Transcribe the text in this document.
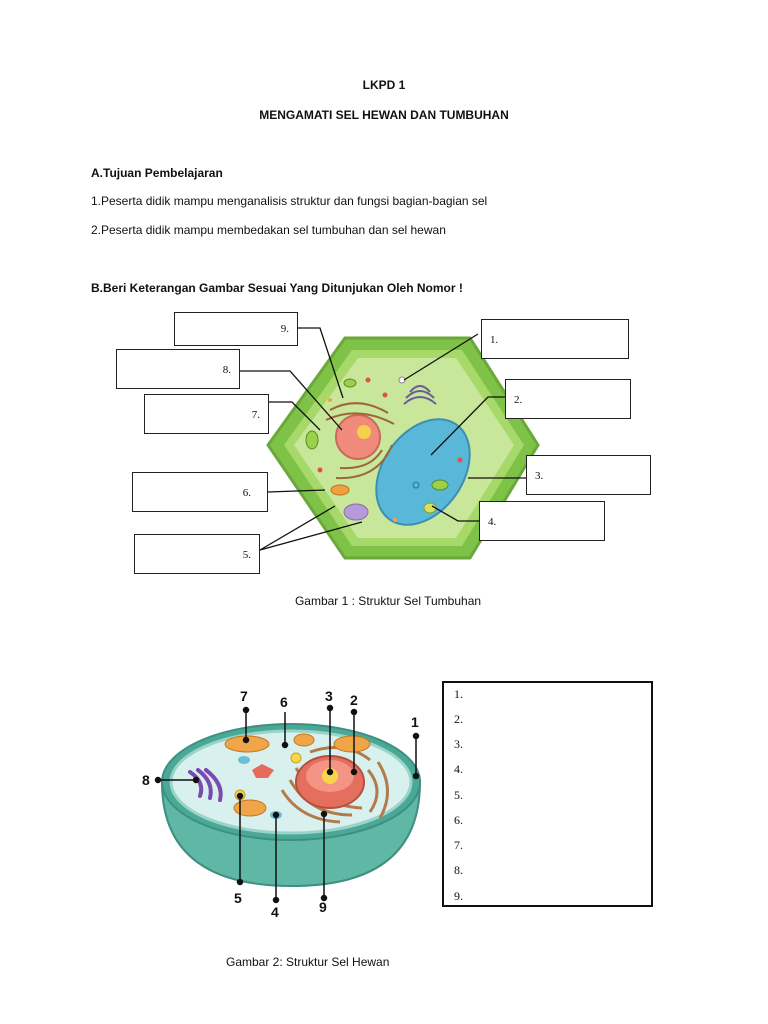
LKPD 1
MENGAMATI SEL HEWAN DAN TUMBUHAN
A.Tujuan Pembelajaran
1.Peserta didik mampu menganalisis struktur dan fungsi bagian-bagian sel
2.Peserta didik mampu membedakan sel tumbuhan dan sel hewan
B.Beri Keterangan Gambar Sesuai Yang Ditunjukan Oleh Nomor !
9.
8.
7.
6.
5.
1.
2.
3.
4.
Gambar 1 : Struktur Sel Tumbuhan
7 6	3 2
1
8
5
4	9
1.
2.
3.
4.
5.
6.
7.
8.
9.
Gambar 2: Struktur Sel Hewan
